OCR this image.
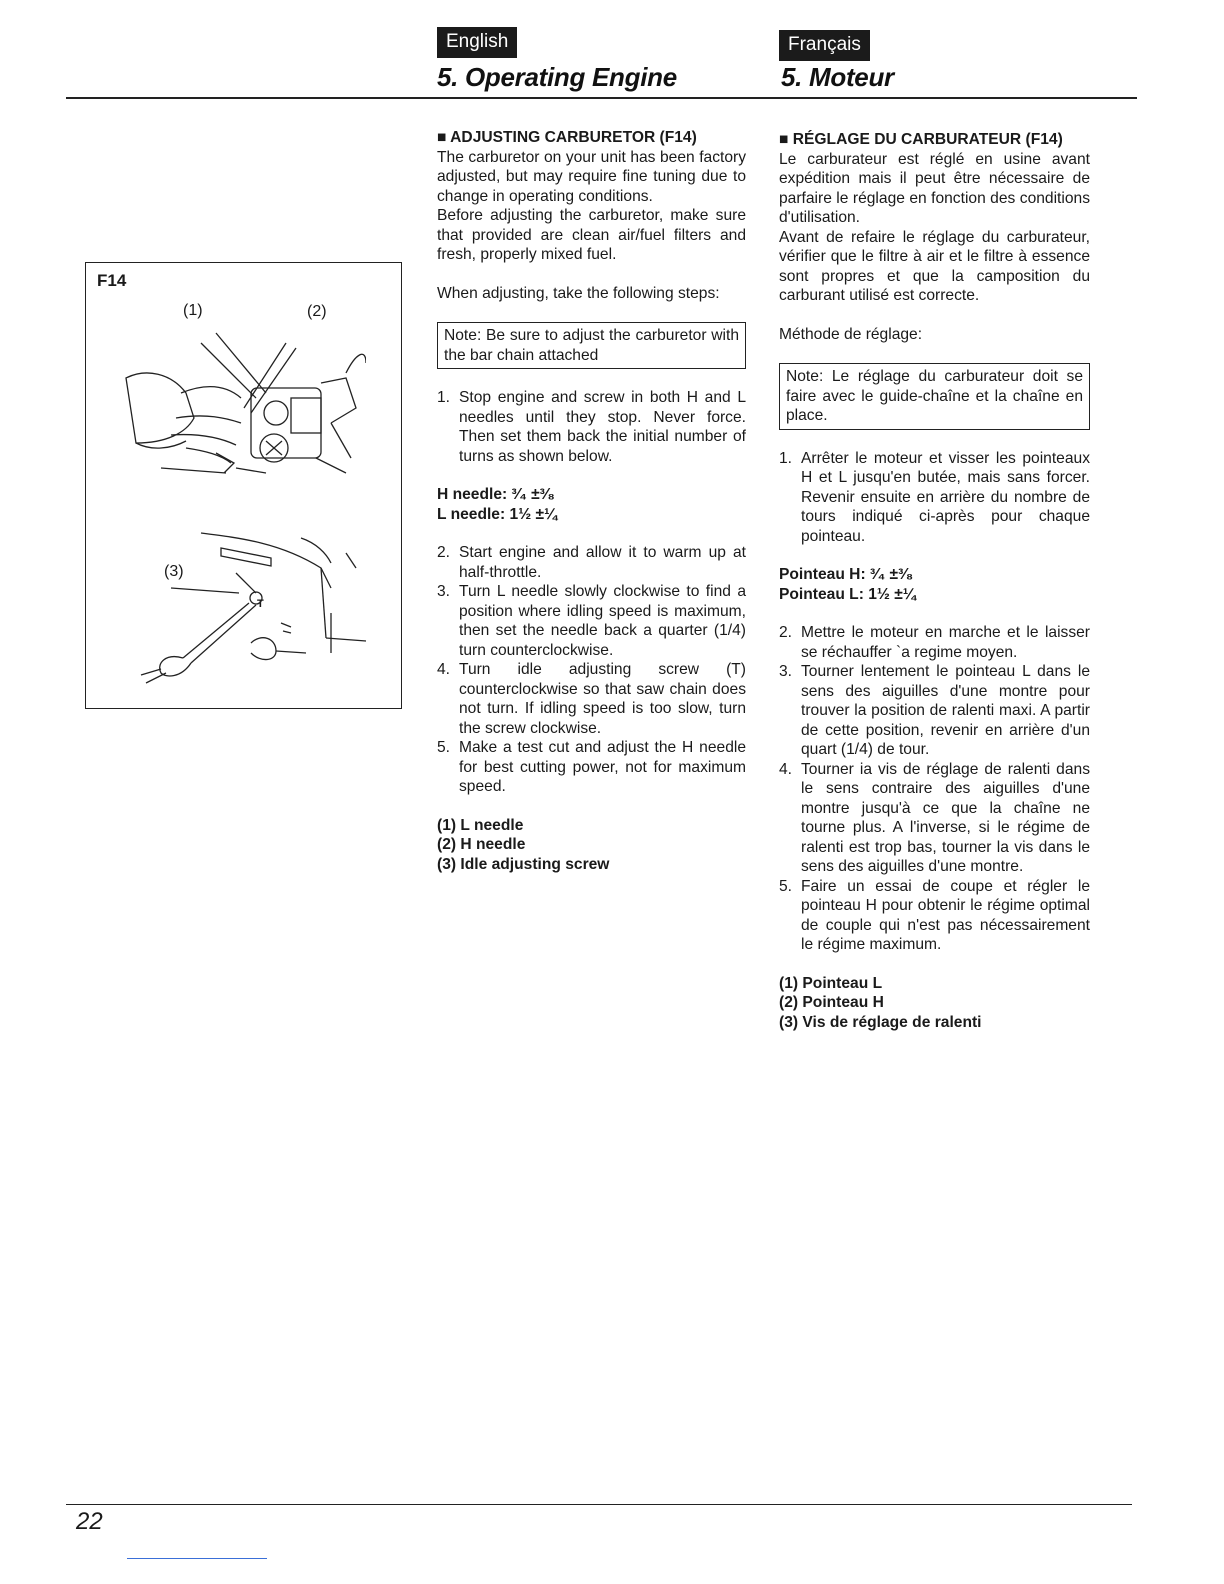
English	Français
5. Operating Engine	5. Moteur
F14
(1)	(2)
(3)
T

■ ADJUSTING CARBURETOR (F14)

The carburetor on your unit has been factory adjusted, but may require fine tuning due to change in operating conditions.

Before adjusting the carburetor, make sure that provided are clean air/fuel filters and fresh, properly mixed fuel.

When adjusting, take the following steps:

Note: Be sure to adjust the carburetor with the bar chain attached

1. Stop engine and screw in both H and L needles until they stop. Never force. Then set them back the initial number of turns as shown below.

H needle: ³⁄₄ ±³⁄₈

L needle: 1½ ±¼

2. Start engine and allow it to warm up at half-throttle.
3. Turn L needle slowly clockwise to find a position where idling speed is maximum, then set the needle back a quarter (1/4) turn counterclockwise.
4. Turn idle adjusting screw (T) counterclockwise so that saw chain does not turn. If idling speed is too slow, turn the screw clockwise.
5. Make a test cut and adjust the H needle for best cutting power, not for maximum speed.

(1) L needle

(2) H needle

(3) Idle adjusting screw

■ RÉGLAGE DU CARBURATEUR (F14)

Le carburateur est réglé en usine avant expédition mais il peut être nécessaire de parfaire le réglage en fonction des conditions d'utilisation.

Avant de refaire le réglage du carburateur, vérifier que le filtre à air et le filtre à essence sont propres et que la camposition du carburant utilisé est correcte.

Méthode de réglage:

Note: Le réglage du carburateur doit se faire avec le guide-chaîne et la chaîne en place.

1. Arrêter le moteur et visser les pointeaux H et L jusqu'en butée, mais sans forcer. Revenir ensuite en arrière du nombre de tours indiqué ci-après pour chaque pointeau.

Pointeau H: ³⁄₄ ±³⁄₈

Pointeau L: 1½ ±¼

2. Mettre le moteur en marche et le laisser se réchauffer `a regime moyen.
3. Tourner lentement le pointeau L dans le sens des aiguilles d'une montre pour trouver la position de ralenti maxi. A partir de cette position, revenir en arrière d'un quart (1/4) de tour.
4. Tourner ia vis de réglage de ralenti dans le sens contraire des aiguilles d'une montre jusqu'à ce que la chaîne ne tourne plus. A l'inverse, si le régime de ralenti est trop bas, tourner la vis dans le sens des aiguilles d'une montre.
5. Faire un essai de coupe et régler le pointeau H pour obtenir le régime optimal de couple qui n'est pas nécessairement le régime maximum.

(1) Pointeau L

(2) Pointeau H

(3) Vis de réglage de ralenti

22
